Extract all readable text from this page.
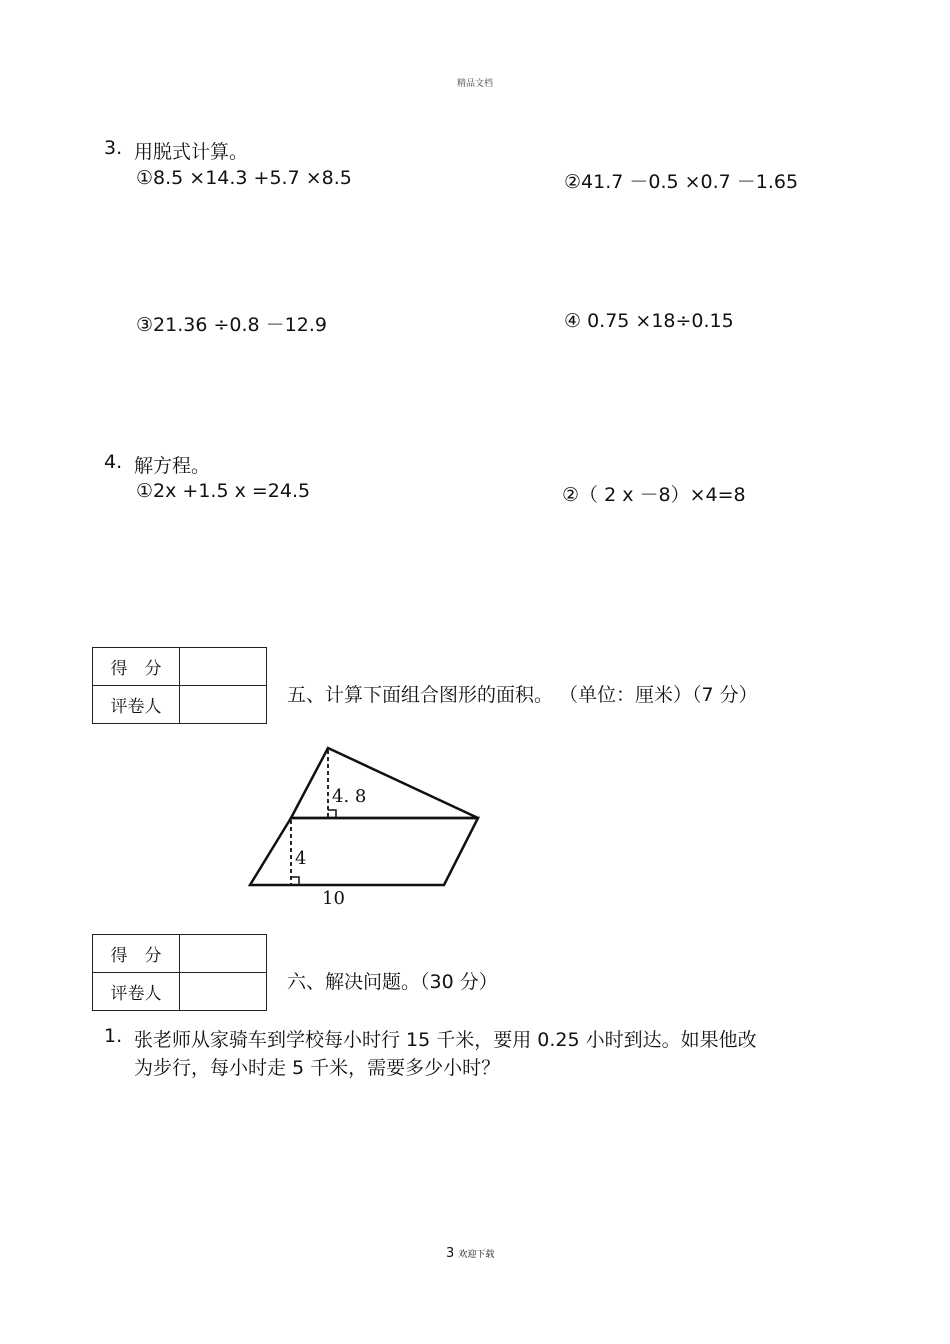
精品文档
3. 用脱式计算。
①8.5 ×14.3 +5.7 ×8.5	②41.7 －0.5 ×0.7 －1.65
③21.36 ÷0.8 －12.9	④ 0.75 ×18÷0.15
4. 解方程。
①2x +1.5 x =24.5	②（ 2 x －8）×4=8
得　分	
评卷人	
五、计算下面组合图形的面积。 （单位：厘米）（7 分）
4. 8
4
10
得　分	
评卷人	
六、解决问题。（30 分）
1. 张老师从家骑车到学校每小时行 15 千米，要用 0.25 小时到达。如果他改
为步行，每小时走 5 千米，需要多少小时？
3 欢迎下载
